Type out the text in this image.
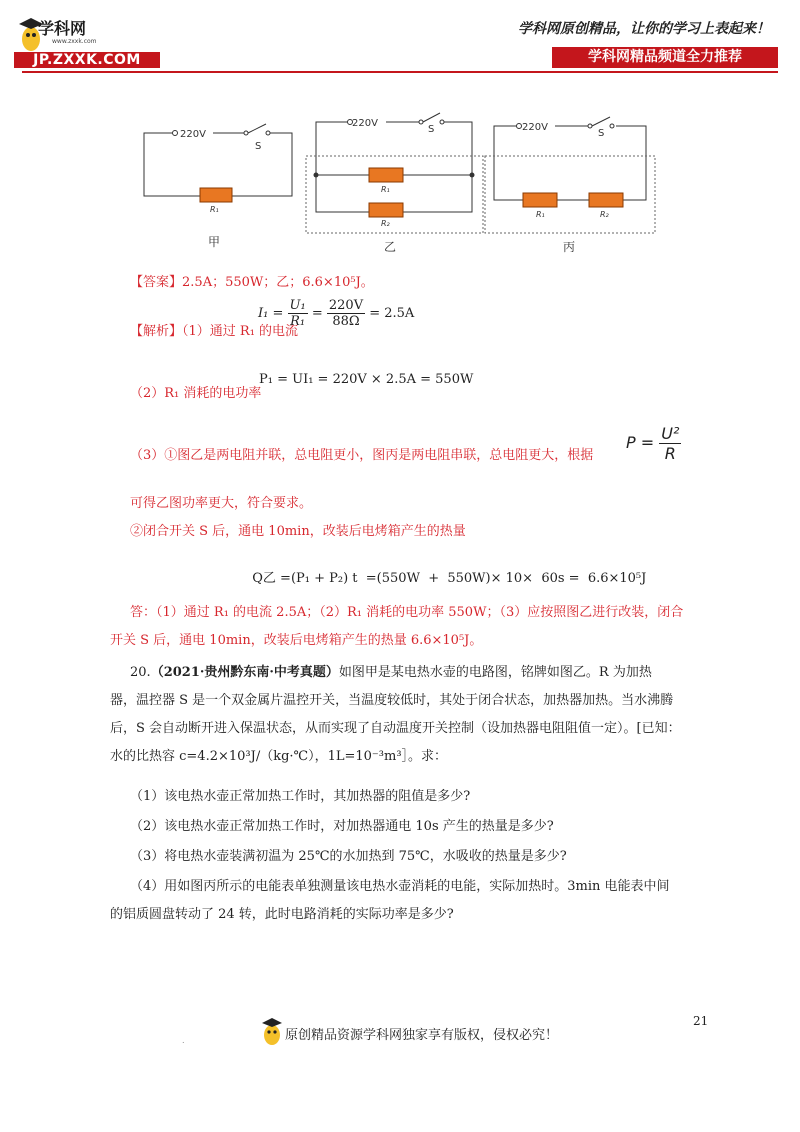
学科网
www.zxxk.com
JP.ZXXK.COM
学科网原创精品，让你的学习上表起来！
学科网精品频道全力推荐
220V
S
R₁
甲
220V
S
R₁
R₂
乙
220V
S
R₁	R₂
丙
【答案】2.5A；550W；乙；6.6×10⁵J。
【解析】（1）通过 R₁ 的电流
$I_1 = \frac{\text{U₁}}{\text{R₁}} = \frac{220V}{88\Omega} = 2.5A$
（2）R₁ 消耗的电功率
P₁ = UI₁ = 220V × 2.5A = 550W
（3）①图乙是两电阻并联，总电阻更小，图丙是两电阻串联，总电阻更大，根据
$P = \frac{\text{U²}}{R}$
可得乙图功率更大，符合要求。
②闭合开关 S 后，通电 10min，改装后电烤箱产生的热量

Q乙 =(P₁ + P₂) t  =(550W  +  550W)× 10×  60s =  6.6×10⁵J

答：（1）通过 R₁ 的电流 2.5A；（2）R₁ 消耗的电功率 550W；（3）应按照图乙进行改装，闭合
开关 S 后，通电 10min，改装后电烤箱产生的热量 6.6×10⁵J。
20.（2021·贵州黔东南·中考真题）如图甲是某电热水壶的电路图，铭牌如图乙。R 为加热
器，温控器 S 是一个双金属片温控开关，当温度较低时，其处于闭合状态，加热器加热。当水沸腾
后，S 会自动断开进入保温状态，从而实现了自动温度开关控制（设加热器电阻阻值一定）。[已知：
水的比热容 c=4.2×10³J/（kg·℃），1L=10⁻³m³］。求：
（1）该电热水壶正常加热工作时，其加热器的阻值是多少?
（2）该电热水壶正常加热工作时，对加热器通电 10s 产生的热量是多少?
（3）将电热水壶装满初温为 25℃的水加热到 75℃，水吸收的热量是多少?
（4）用如图丙所示的电能表单独测量该电热水壶消耗的电能，实际加热时。3min 电能表中间
的铝质圆盘转动了 24 转，此时电路消耗的实际功率是多少?
21
.	原创精品资源学科网独家享有版权，侵权必究！
